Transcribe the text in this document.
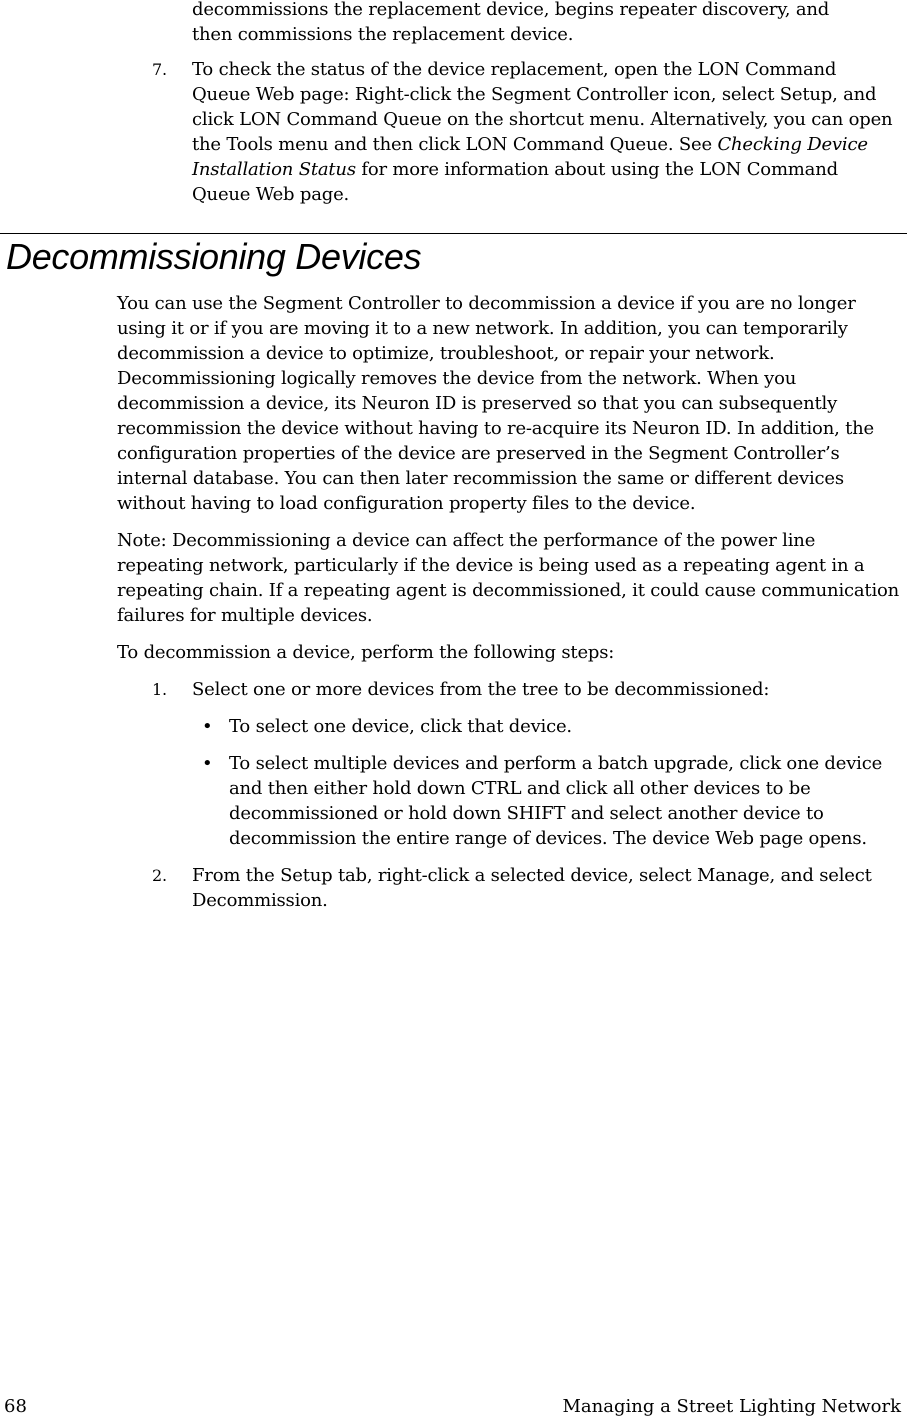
decommissions the replacement device, begins repeater discovery, and
then commissions the replacement device.
7. To check the status of the device replacement, open the LON Command Queue Web page: Right-click the Segment Controller icon, select Setup, and click LON Command Queue on the shortcut menu. Alternatively, you can open the Tools menu and then click LON Command Queue. See Checking Device Installation Status for more information about using the LON Command Queue Web page.
Decommissioning Devices

You can use the Segment Controller to decommission a device if you are no longer using it or if you are moving it to a new network. In addition, you can temporarily decommission a device to optimize, troubleshoot, or repair your network. Decommissioning logically removes the device from the network. When you decommission a device, its Neuron ID is preserved so that you can subsequently recommission the device without having to re-acquire its Neuron ID. In addition, the configuration properties of the device are preserved in the Segment Controller’s internal database. You can then later recommission the same or different devices without having to load configuration property files to the device.

Note: Decommissioning a device can affect the performance of the power line repeating network, particularly if the device is being used as a repeating agent in a repeating chain. If a repeating agent is decommissioned, it could cause communication failures for multiple devices.

To decommission a device, perform the following steps:

1. Select one or more devices from the tree to be decommissioned:
• To select one device, click that device.
• To select multiple devices and perform a batch upgrade, click one device and then either hold down CTRL and click all other devices to be decommissioned or hold down SHIFT and select another device to decommission the entire range of devices. The device Web page opens.
2. From the Setup tab, right-click a selected device, select Manage, and select    Decommission.
68	Managing a Street Lighting Network
